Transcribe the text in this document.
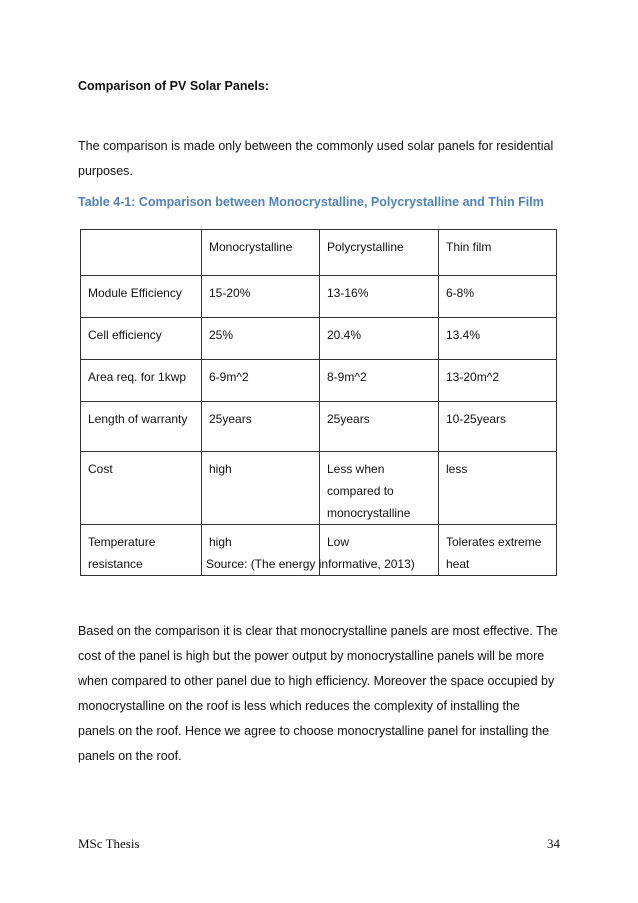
Comparison of PV Solar Panels:

The comparison is made only between the commonly used solar panels for residential purposes.

Table 4-1: Comparison between Monocrystalline, Polycrystalline and Thin Film

	Monocrystalline	Polycrystalline	Thin film
Module Efficiency	15-20%	13-16%	6-8%
Cell efficiency	25%	20.4%	13.4%
Area req. for 1kwp	6-9m^2	8-9m^2	13-20m^2
Length of warranty	25years	25years	10-25years
Cost	high	Less when compared to monocrystalline	less
Temperature resistance	high	Low	Tolerates extreme heat

Source: (The energy informative, 2013)

Based on the comparison it is clear that monocrystalline panels are most effective. The cost of the panel is high but the power output by monocrystalline panels will be more when compared to other panel due to high efficiency. Moreover the space occupied by monocrystalline on the roof is less which reduces the complexity of installing the panels on the roof. Hence we agree to choose monocrystalline panel for installing the panels on the roof.

MSc Thesis	34
